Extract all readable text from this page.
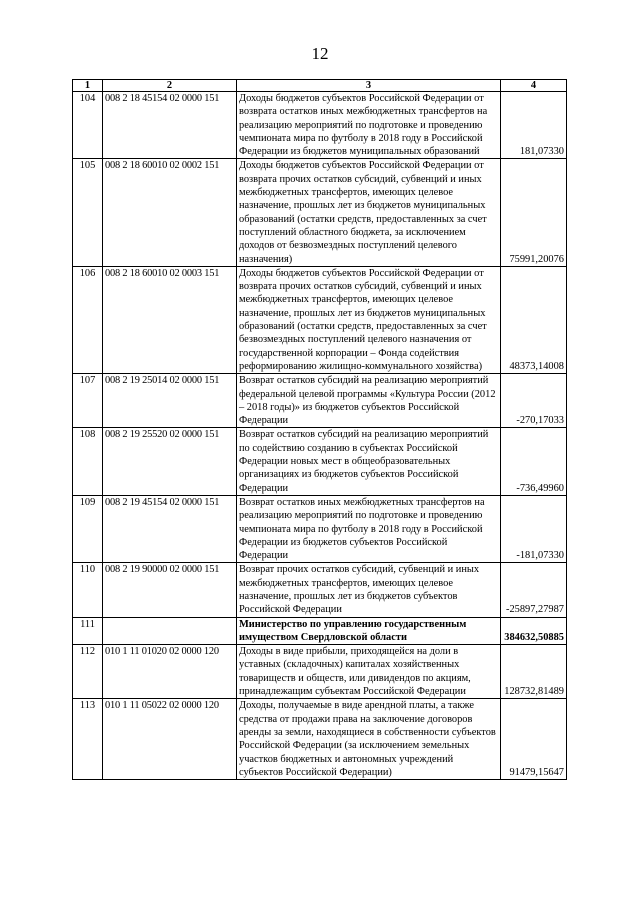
12
1	2	3	4
104	008 2 18 45154 02 0000 151	Доходы бюджетов субъектов Российской Федерации от возврата остатков иных межбюджетных трансфертов на реализацию мероприятий по подготовке и проведению чемпионата мира по футболу в 2018 году в Российской Федерации из бюджетов муниципальных образований	181,07330
105	008 2 18 60010 02 0002 151	Доходы бюджетов субъектов Российской Федерации от возврата прочих остатков субсидий, субвенций и иных межбюджетных трансфертов, имеющих целевое назначение, прошлых лет из бюджетов муниципальных образований (остатки средств, предоставленных за счет поступлений областного бюджета, за исключением доходов от безвозмездных поступлений целевого назначения)	75991,20076
106	008 2 18 60010 02 0003 151	Доходы бюджетов субъектов Российской Федерации от возврата прочих остатков субсидий, субвенций и иных межбюджетных трансфертов, имеющих целевое назначение, прошлых лет из бюджетов муниципальных образований (остатки средств, предоставленных за счет безвозмездных поступлений целевого назначения от государственной корпорации – Фонда содействия реформированию жилищно-коммунального хозяйства)	48373,14008
107	008 2 19 25014 02 0000 151	Возврат остатков субсидий на реализацию мероприятий федеральной целевой программы «Культура России (2012 – 2018 годы)» из бюджетов субъектов Российской Федерации	-270,17033
108	008 2 19 25520 02 0000 151	Возврат остатков субсидий на реализацию мероприятий по содействию созданию в субъектах Российской Федерации новых мест в общеобразовательных организациях из бюджетов субъектов Российской Федерации	-736,49960
109	008 2 19 45154 02 0000 151	Возврат остатков иных межбюджетных трансфертов на реализацию мероприятий по подготовке и проведению чемпионата мира по футболу в 2018 году в Российской Федерации из бюджетов субъектов Российской Федерации	-181,07330
110	008 2 19 90000 02 0000 151	Возврат прочих остатков субсидий, субвенций и иных межбюджетных трансфертов, имеющих целевое назначение, прошлых лет из бюджетов субъектов Российской Федерации	-25897,27987
111		Министерство по управлению государственным имуществом Свердловской области	384632,50885
112	010 1 11 01020 02 0000 120	Доходы в виде прибыли, приходящейся на доли в уставных (складочных) капиталах хозяйственных товариществ и обществ, или дивидендов по акциям, принадлежащим субъектам Российской Федерации	128732,81489
113	010 1 11 05022 02 0000 120	Доходы, получаемые в виде арендной платы, а также средства от продажи права на заключение договоров аренды за земли, находящиеся в собственности субъектов Российской Федерации (за исключением земельных участков бюджетных и автономных учреждений субъектов Российской Федерации)	91479,15647
